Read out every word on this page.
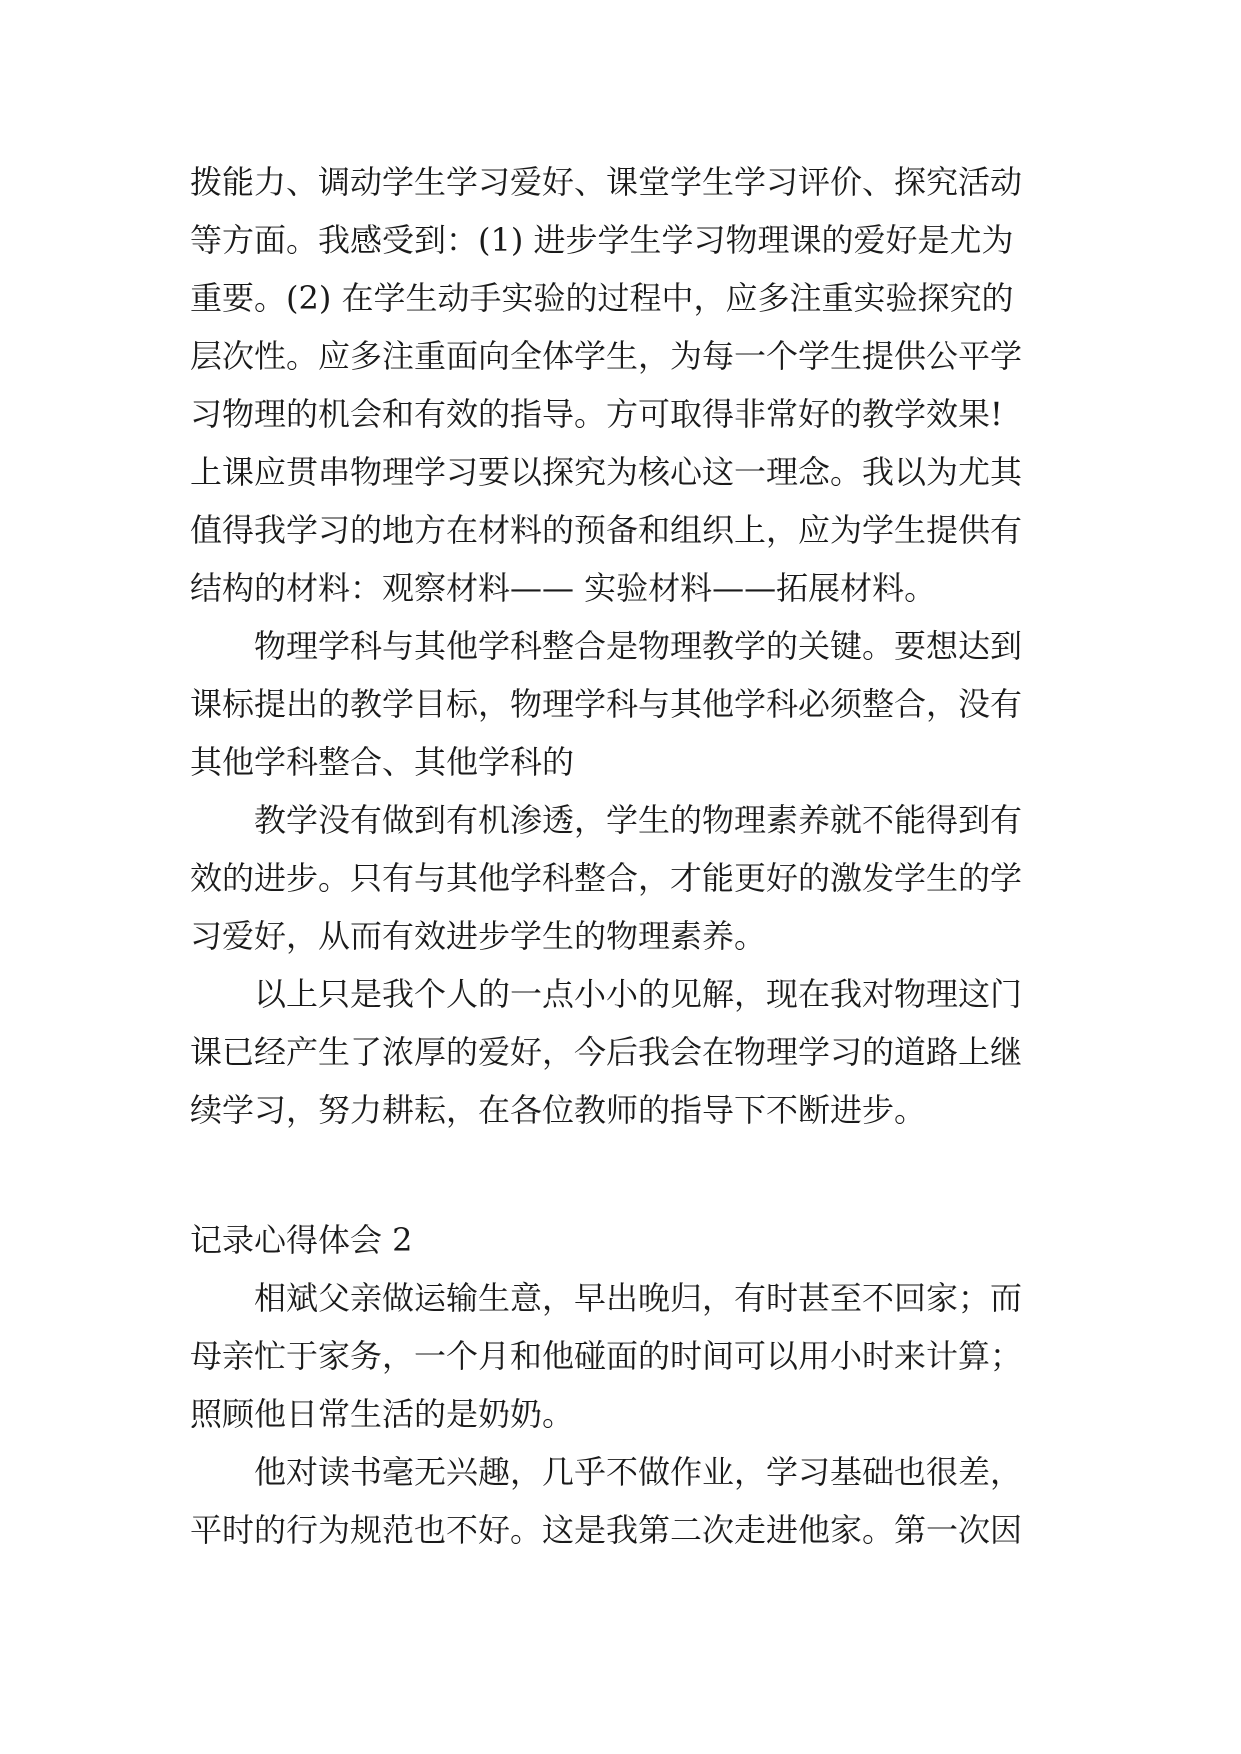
拨能力、调动学生学习爱好、课堂学生学习评价、探究活动
等方面。我感受到：(1) 进步学生学习物理课的爱好是尤为
重要。(2) 在学生动手实验的过程中，应多注重实验探究的
层次性。应多注重面向全体学生，为每一个学生提供公平学
习物理的机会和有效的指导。方可取得非常好的教学效果!
上课应贯串物理学习要以探究为核心这一理念。我以为尤其
值得我学习的地方在材料的预备和组织上，应为学生提供有
结构的材料：观察材料—— 实验材料——拓展材料。
物理学科与其他学科整合是物理教学的关键。要想达到
课标提出的教学目标，物理学科与其他学科必须整合，没有
其他学科整合、其他学科的
教学没有做到有机渗透，学生的物理素养就不能得到有
效的进步。只有与其他学科整合，才能更好的激发学生的学
习爱好，从而有效进步学生的物理素养。
以上只是我个人的一点小小的见解，现在我对物理这门
课已经产生了浓厚的爱好，今后我会在物理学习的道路上继
续学习，努力耕耘，在各位教师的指导下不断进步。
记录心得体会 2
相斌父亲做运输生意，早出晚归，有时甚至不回家；而
母亲忙于家务，一个月和他碰面的时间可以用小时来计算；
照顾他日常生活的是奶奶。
他对读书毫无兴趣，几乎不做作业，学习基础也很差，
平时的行为规范也不好。这是我第二次走进他家。第一次因
